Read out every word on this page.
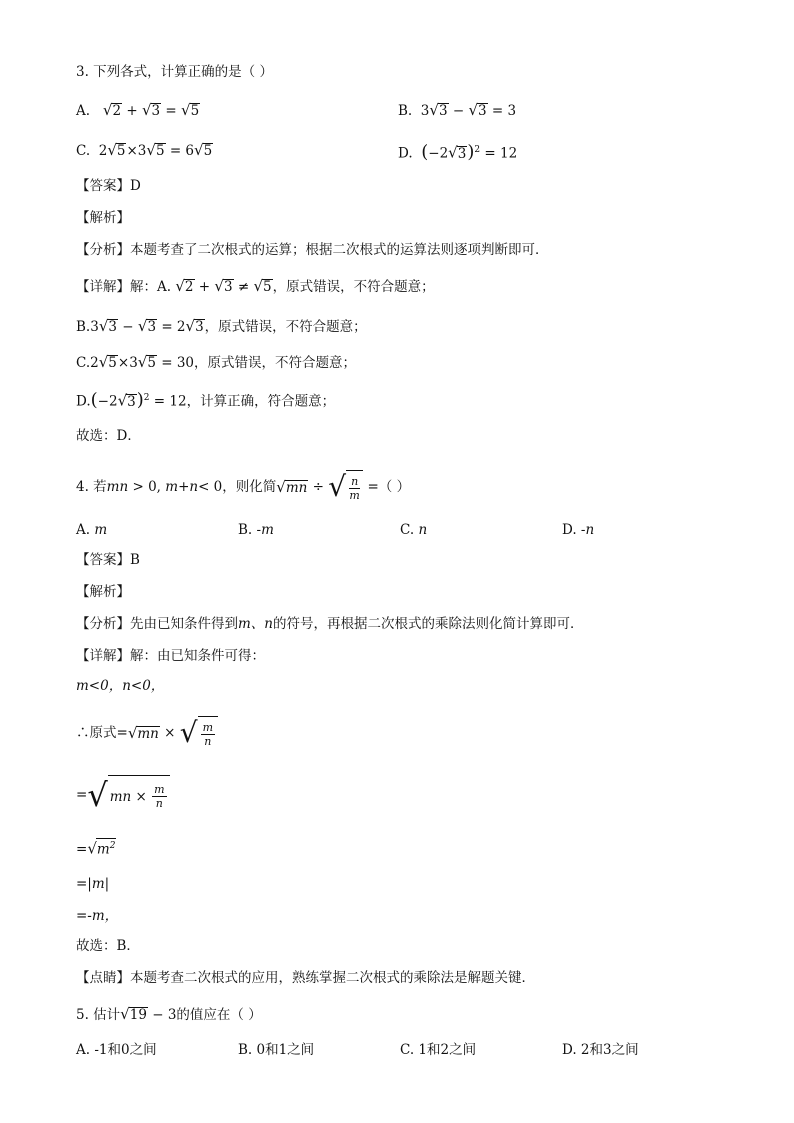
3. 下列各式，计算正确的是（ ）
A. √2 + √3 = √5	B.  3√3 − √3 = 3
C.  2√5×3√5 = 6√5	D. $(-2√3)^2 = 12$
【答案】D
【解析】
【分析】本题考查了二次根式的运算；根据二次根式的运算法则逐项判断即可．
【详解】解：A. √2 + √3 ≠ √5，原式错误，不符合题意；
B.3√3 − √3 = 2√3，原式错误，不符合题意；
C.2√5×3√5 = 30，原式错误，不符合题意；
$D.(-2√3)^2 = 12$，计算正确，符合题意；
故选：D．
4. 若 mn > 0, m + n < 0 ，则化简 √ mn ÷ √ $\frac{n}{m}$ = （ ）
A. m	B. -m	C. n	D. -n
【答案】B
【解析】
【分析】先由已知条件得到m、n的符号，再根据二次根式的乘除法则化简计算即可．
【详解】解：由已知条件可得：
m<0，n<0，
∴原式= √ mn × √ $\frac{m}{n}$
= √ mn × $\frac{m}{n}$
$=√m^2$
=|m|
=-m，
故选：B．
【点睛】本题考查二次根式的应用，熟练掌握二次根式的乘除法是解题关键．
5. 估计√19 − 3的值应在（ ）
A. -1和0之间	B. 0和1之间	C. 1和2之间	D. 2和3之间
